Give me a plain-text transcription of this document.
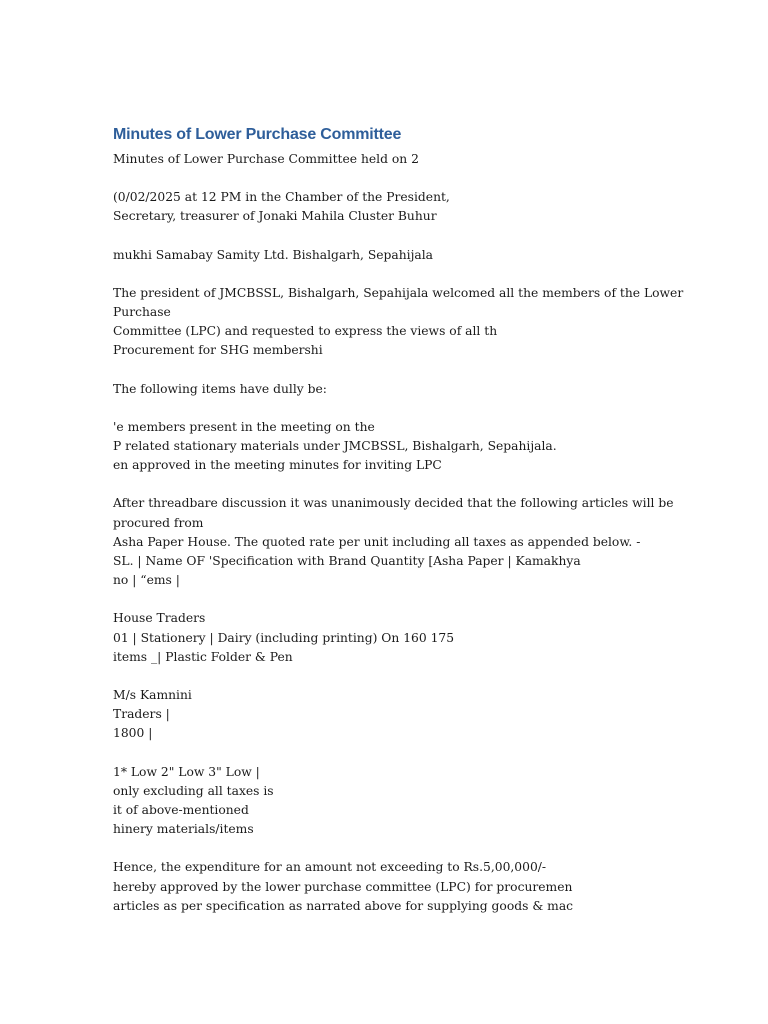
Minutes of Lower Purchase Committee
Minutes of Lower Purchase Committee held on 2
(0/02/2025 at 12 PM in the Chamber of the President,
Secretary, treasurer of Jonaki Mahila Cluster Buhur
mukhi Samabay Samity Ltd. Bishalgarh, Sepahijala
The president of JMCBSSL, Bishalgarh, Sepahijala welcomed all the members of the Lower
Purchase
Committee (LPC) and requested to express the views of all th
Procurement for SHG membershi
The following items have dully be:
'e members present in the meeting on the
P related stationary materials under JMCBSSL, Bishalgarh, Sepahijala.
en approved in the meeting minutes for inviting LPC
After threadbare discussion it was unanimously decided that the following articles will be
procured from
Asha Paper House. The quoted rate per unit including all taxes as appended below. -
SL. | Name OF 'Specification with Brand Quantity [Asha Paper | Kamakhya
no | “ems |
House Traders
01 | Stationery | Dairy (including printing) On 160 175
items _| Plastic Folder & Pen
M/s Kamnini
Traders |
1800 |
1* Low 2" Low 3" Low |
only excluding all taxes is
it of above-mentioned
hinery materials/items
Hence, the expenditure for an amount not exceeding to Rs.5,00,000/-
hereby approved by the lower purchase committee (LPC) for procuremen
articles as per specification as narrated above for supplying goods & mac
